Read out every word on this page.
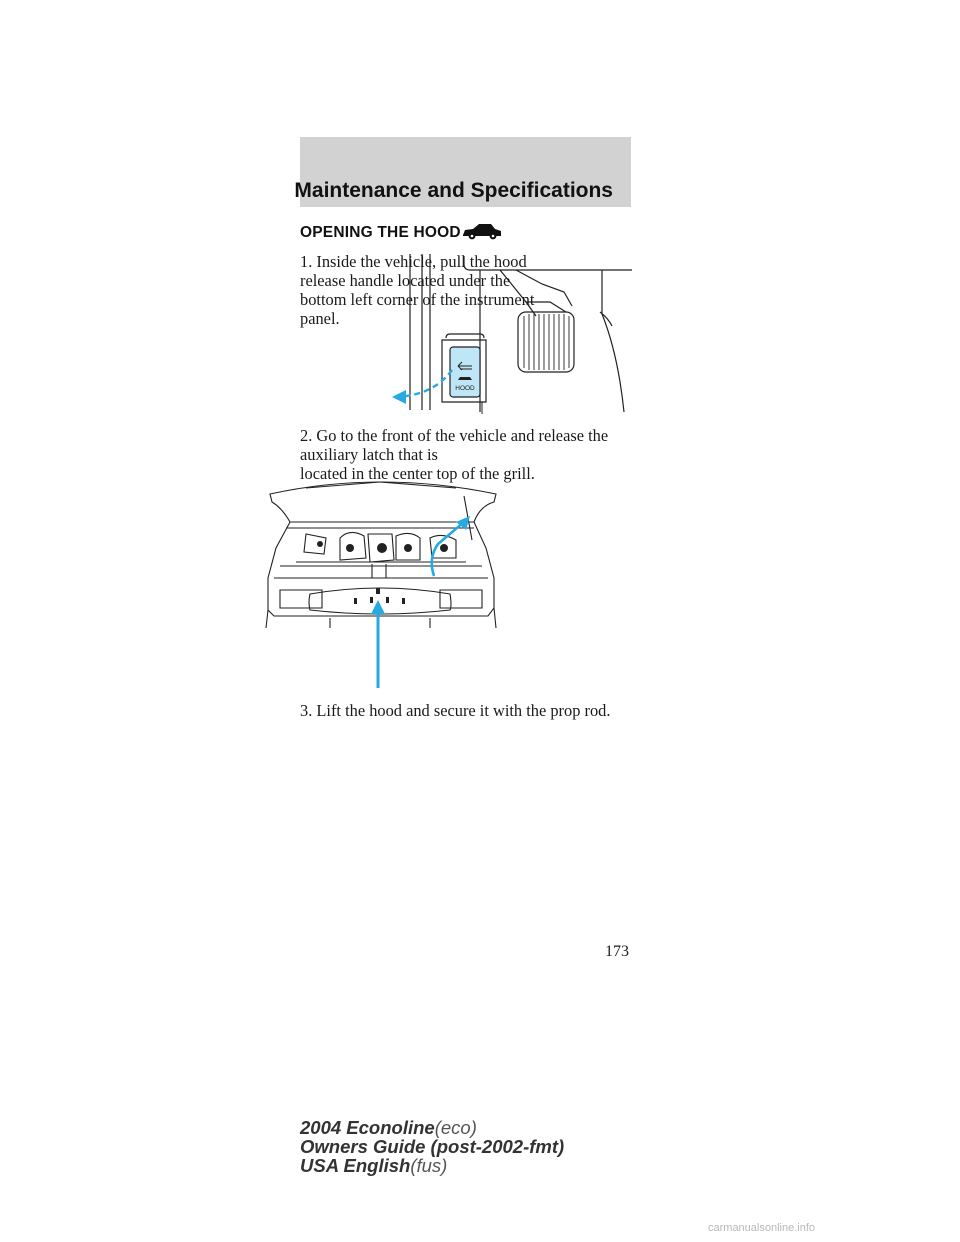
Maintenance and Specifications
OPENING THE HOOD
1. Inside the vehicle, pull the hood
release handle located under the
bottom left corner of the instrument
panel.
HOOD
2. Go to the front of the vehicle and release the auxiliary latch that is
located in the center top of the grill.
3. Lift the hood and secure it with the prop rod.
173
2004 Econoline(eco)
Owners Guide (post-2002-fmt)
USA English(fus)
carmanualsonline.info
